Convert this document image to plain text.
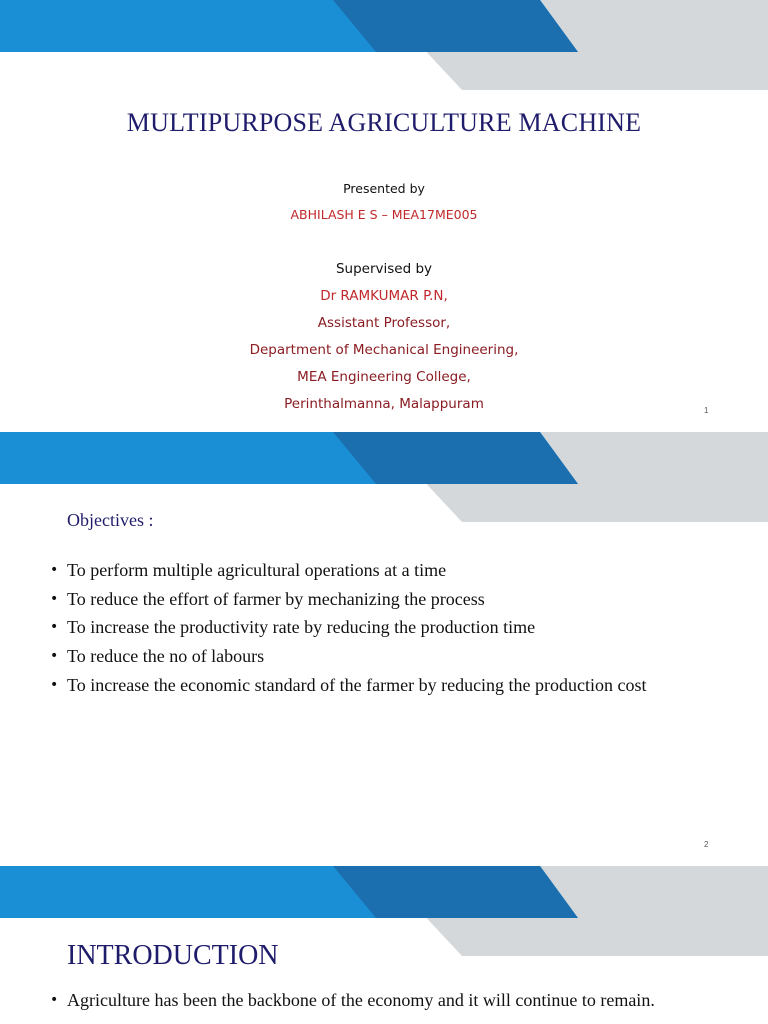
MULTIPURPOSE AGRICULTURE MACHINE
Presented by
ABHILASH E S – MEA17ME005
Supervised by
Dr RAMKUMAR P.N,
Assistant Professor,
Department of Mechanical Engineering,
MEA Engineering College,
Perinthalmanna, Malappuram	1
Objectives :
• To perform multiple agricultural operations at a time
• To reduce the effort of farmer by mechanizing the process
• To increase the productivity rate by reducing the production time
• To reduce the no of labours
• To increase the economic standard of the farmer by reducing the production cost
2
INTRODUCTION
• Agriculture has been the backbone of the economy and it will continue to remain.
